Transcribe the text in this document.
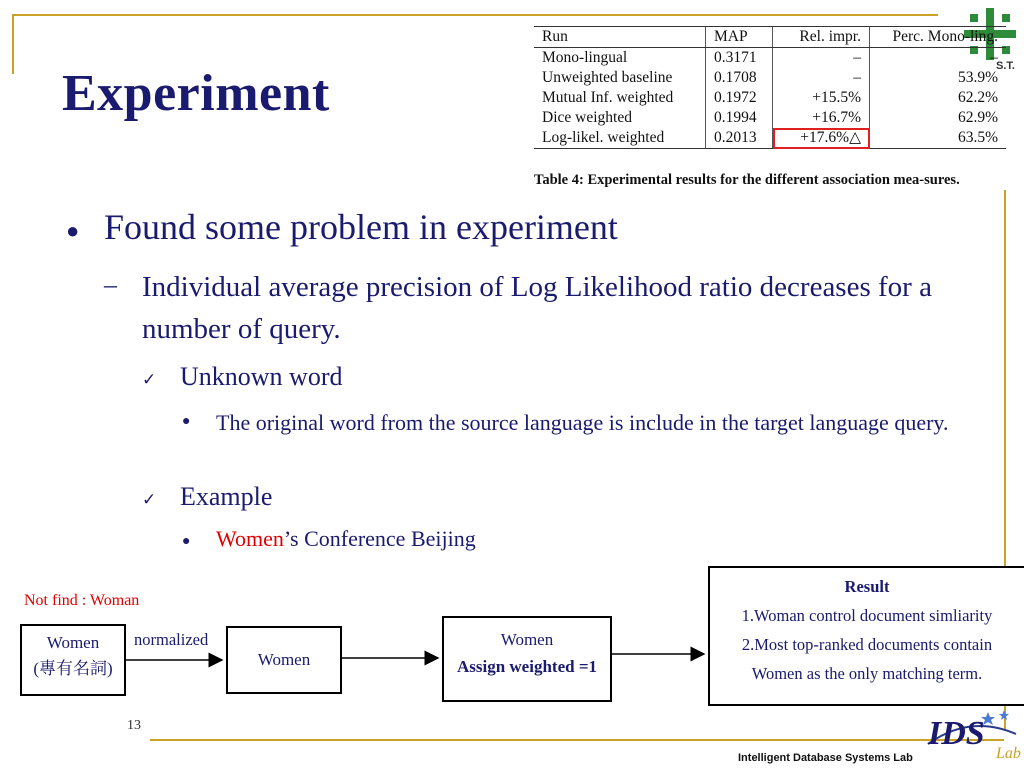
Experiment	S.T.
Run	MAP	Rel. impr.	Perc. Mono-ling.
Mono-lingual	0.3171	–	–
Unweighted baseline	0.1708	–	53.9%
Mutual Inf. weighted	0.1972	+15.5%	62.2%
Dice weighted	0.1994	+16.7%	62.9%
Log-likel. weighted	0.2013	+17.6%△	63.5%
Table 4: Experimental results for the different association mea-sures.
● Found some problem in experiment
– Individual average precision of Log Likelihood ratio decreases for a number of query.
✓ Unknown word
● The original word from the source language is include in the target language query.
✓ Example
● Women’s Conference Beijing
Not find : Woman
Women
(專有名詞)
normalized
Women
Women
Assign weighted =1
Result
1.Woman control document simliarity
2.Most top-ranked documents contain
Women as the only matching term.
13	IDS
Lab
Intelligent Database Systems Lab
